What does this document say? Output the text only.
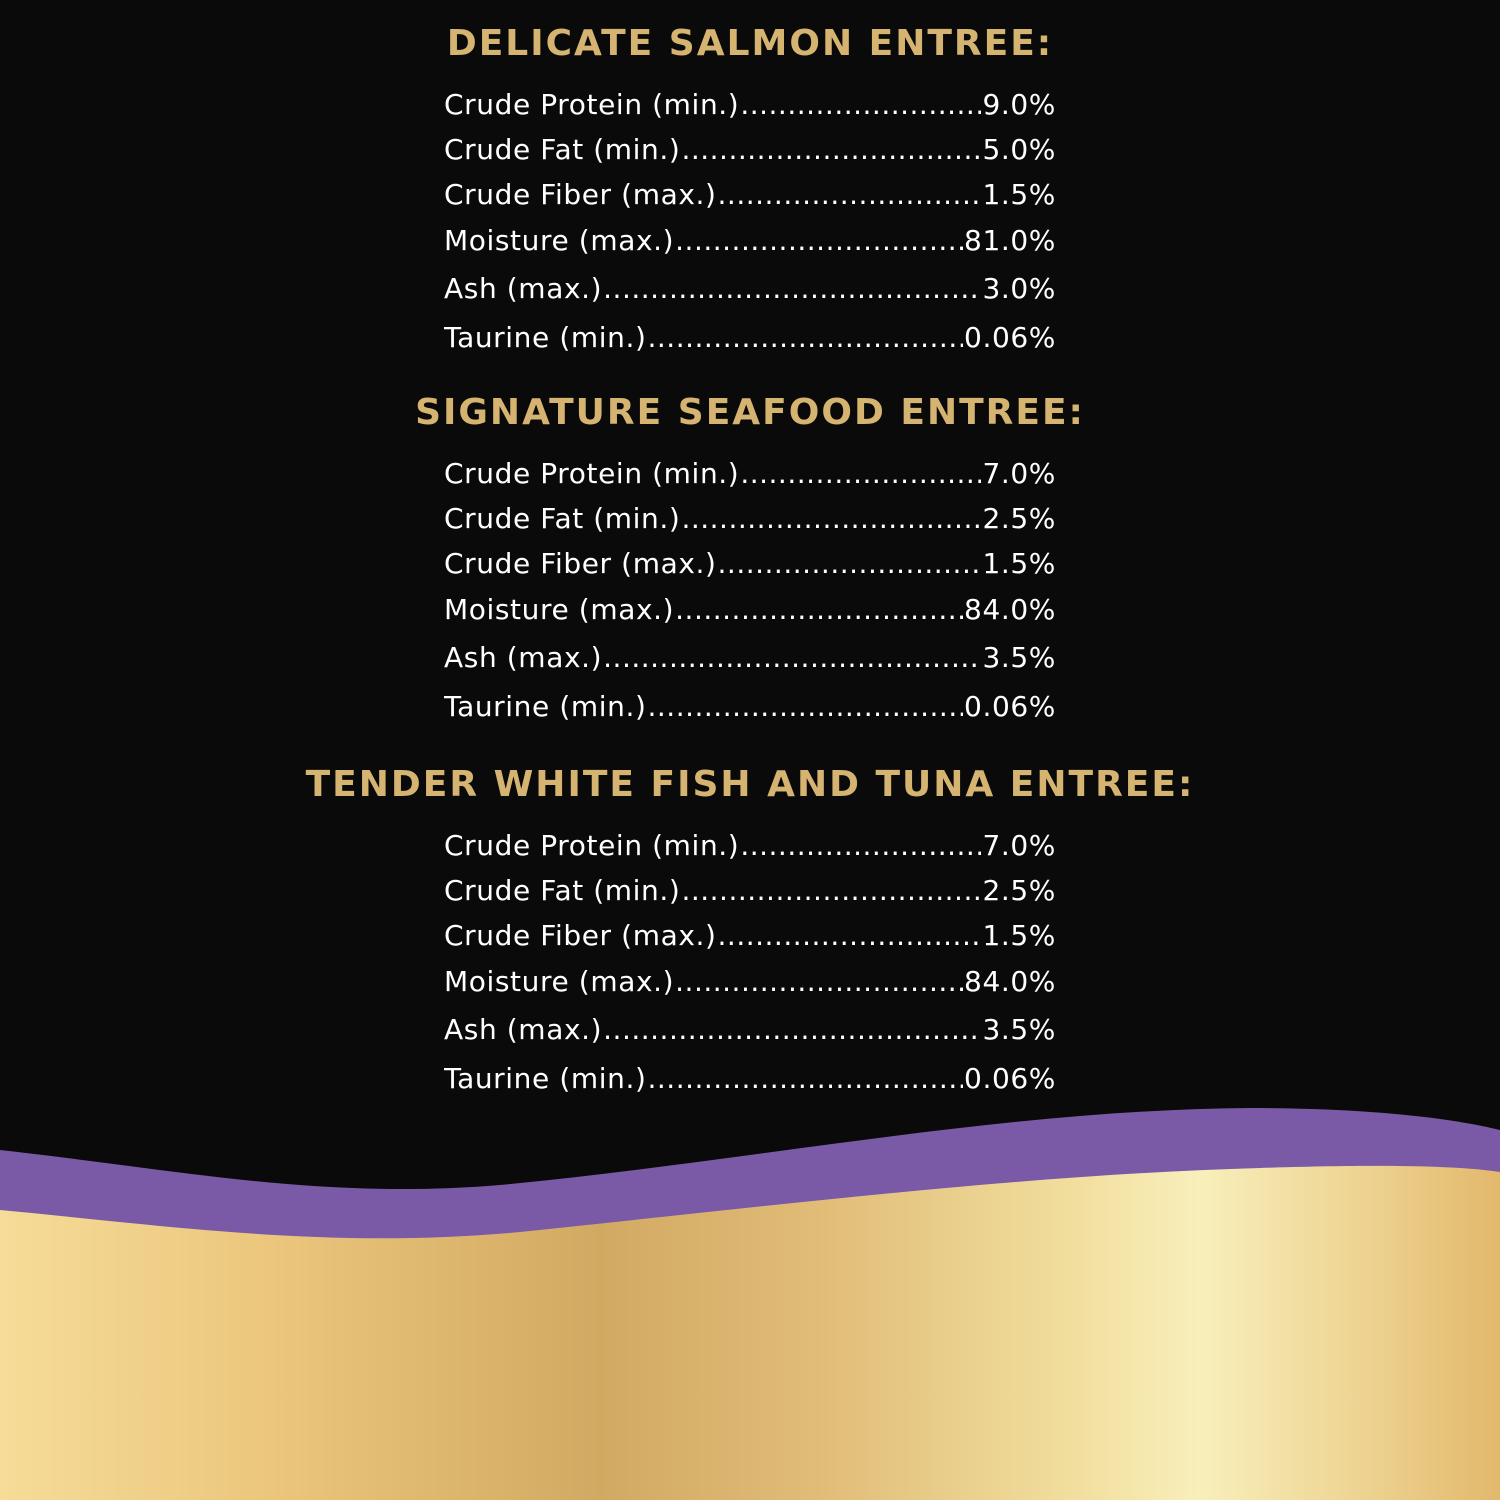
DELICATE SALMON ENTREE:
Crude Protein (min.) .....	9.0%
Crude Fat (min.) .....	5.0%
Crude Fiber (max.) .....	1.5%
Moisture (max.) .....	81.0%
Ash (max.) .....	3.0%
Taurine (min.) .....	0.06%
SIGNATURE SEAFOOD ENTREE:
Crude Protein (min.) .....	7.0%
Crude Fat (min.) .....	2.5%
Crude Fiber (max.) .....	1.5%
Moisture (max.) .....	84.0%
Ash (max.) .....	3.5%
Taurine (min.) .....	0.06%
TENDER WHITE FISH AND TUNA ENTREE:
Crude Protein (min.) .....	7.0%
Crude Fat (min.) .....	2.5%
Crude Fiber (max.) .....	1.5%
Moisture (max.) .....	84.0%
Ash (max.) .....	3.5%
Taurine (min.) .....	0.06%
